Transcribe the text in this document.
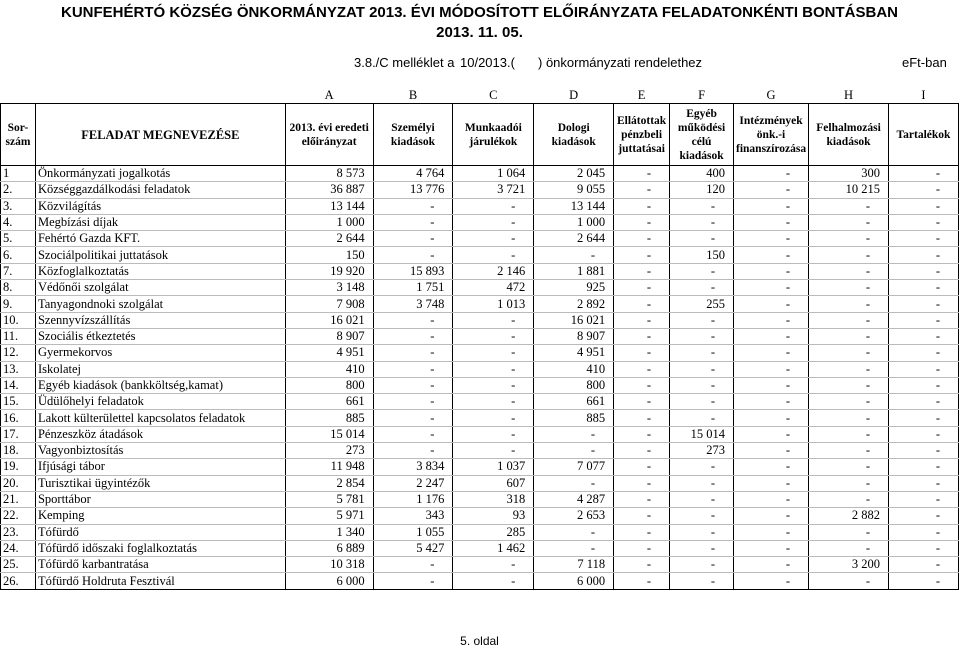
KUNFEHÉRTÓ KÖZSÉG ÖNKORMÁNYZAT 2013. ÉVI MÓDOSÍTOTT ELŐIRÁNYZATA FELADATONKÉNTI BONTÁSBAN
2013. 11. 05.
3.8./C melléklet a 10/2013.( ) önkormányzati rendelethez	eFt-ban
		A	B	C	D	E	F	G	H	I
Sor-szám	FELADAT MEGNEVEZÉSE	2013. évi eredeti előirányzat	Személyi kiadások	Munkaadói járulékok	Dologi kiadások	Ellátottak pénzbeli juttatásai	Egyéb működési célú kiadások	Intézmények önk.-i finanszírozása	Felhalmozási kiadások	Tartalékok
1	Önkormányzati jogalkotás	8 573	4 764	1 064	2 045	-	400	-	300	-
2.	Községgazdálkodási feladatok	36 887	13 776	3 721	9 055	-	120	-	10 215	-
3.	Közvilágítás	13 144	-	-	13 144	-	-	-	-	-
4.	Megbízási díjak	1 000	-	-	1 000	-	-	-	-	-
5.	Fehértó Gazda KFT.	2 644	-	-	2 644	-	-	-	-	-
6.	Szociálpolitikai juttatások	150	-	-	-	-	150	-	-	-
7.	Közfoglalkoztatás	19 920	15 893	2 146	1 881	-	-	-	-	-
8.	Védőnői szolgálat	3 148	1 751	472	925	-	-	-	-	-
9.	Tanyagondnoki szolgálat	7 908	3 748	1 013	2 892	-	255	-	-	-
10.	Szennyvízszállítás	16 021	-	-	16 021	-	-	-	-	-
11.	Szociális étkeztetés	8 907	-	-	8 907	-	-	-	-	-
12.	Gyermekorvos	4 951	-	-	4 951	-	-	-	-	-
13.	Iskolatej	410	-	-	410	-	-	-	-	-
14.	Egyéb kiadások (bankköltség,kamat)	800	-	-	800	-	-	-	-	-
15.	Üdülőhelyi feladatok	661	-	-	661	-	-	-	-	-
16.	Lakott külterülettel kapcsolatos feladatok	885	-	-	885	-	-	-	-	-
17.	Pénzeszköz átadások	15 014	-	-	-	-	15 014	-	-	-
18.	Vagyonbiztosítás	273	-	-	-	-	273	-	-	-
19.	Ifjúsági tábor	11 948	3 834	1 037	7 077	-	-	-	-	-
20.	Turisztikai ügyintézők	2 854	2 247	607	-	-	-	-	-	-
21.	Sporttábor	5 781	1 176	318	4 287	-	-	-	-	-
22.	Kemping	5 971	343	93	2 653	-	-	-	2 882	-
23.	Tófürdő	1 340	1 055	285	-	-	-	-	-	-
24.	Tófürdő időszaki foglalkoztatás	6 889	5 427	1 462	-	-	-	-	-	-
25.	Tófürdő karbantratása	10 318	-	-	7 118	-	-	-	3 200	-
26.	Tófürdő Holdruta Fesztivál	6 000	-	-	6 000	-	-	-	-	-
5. oldal
